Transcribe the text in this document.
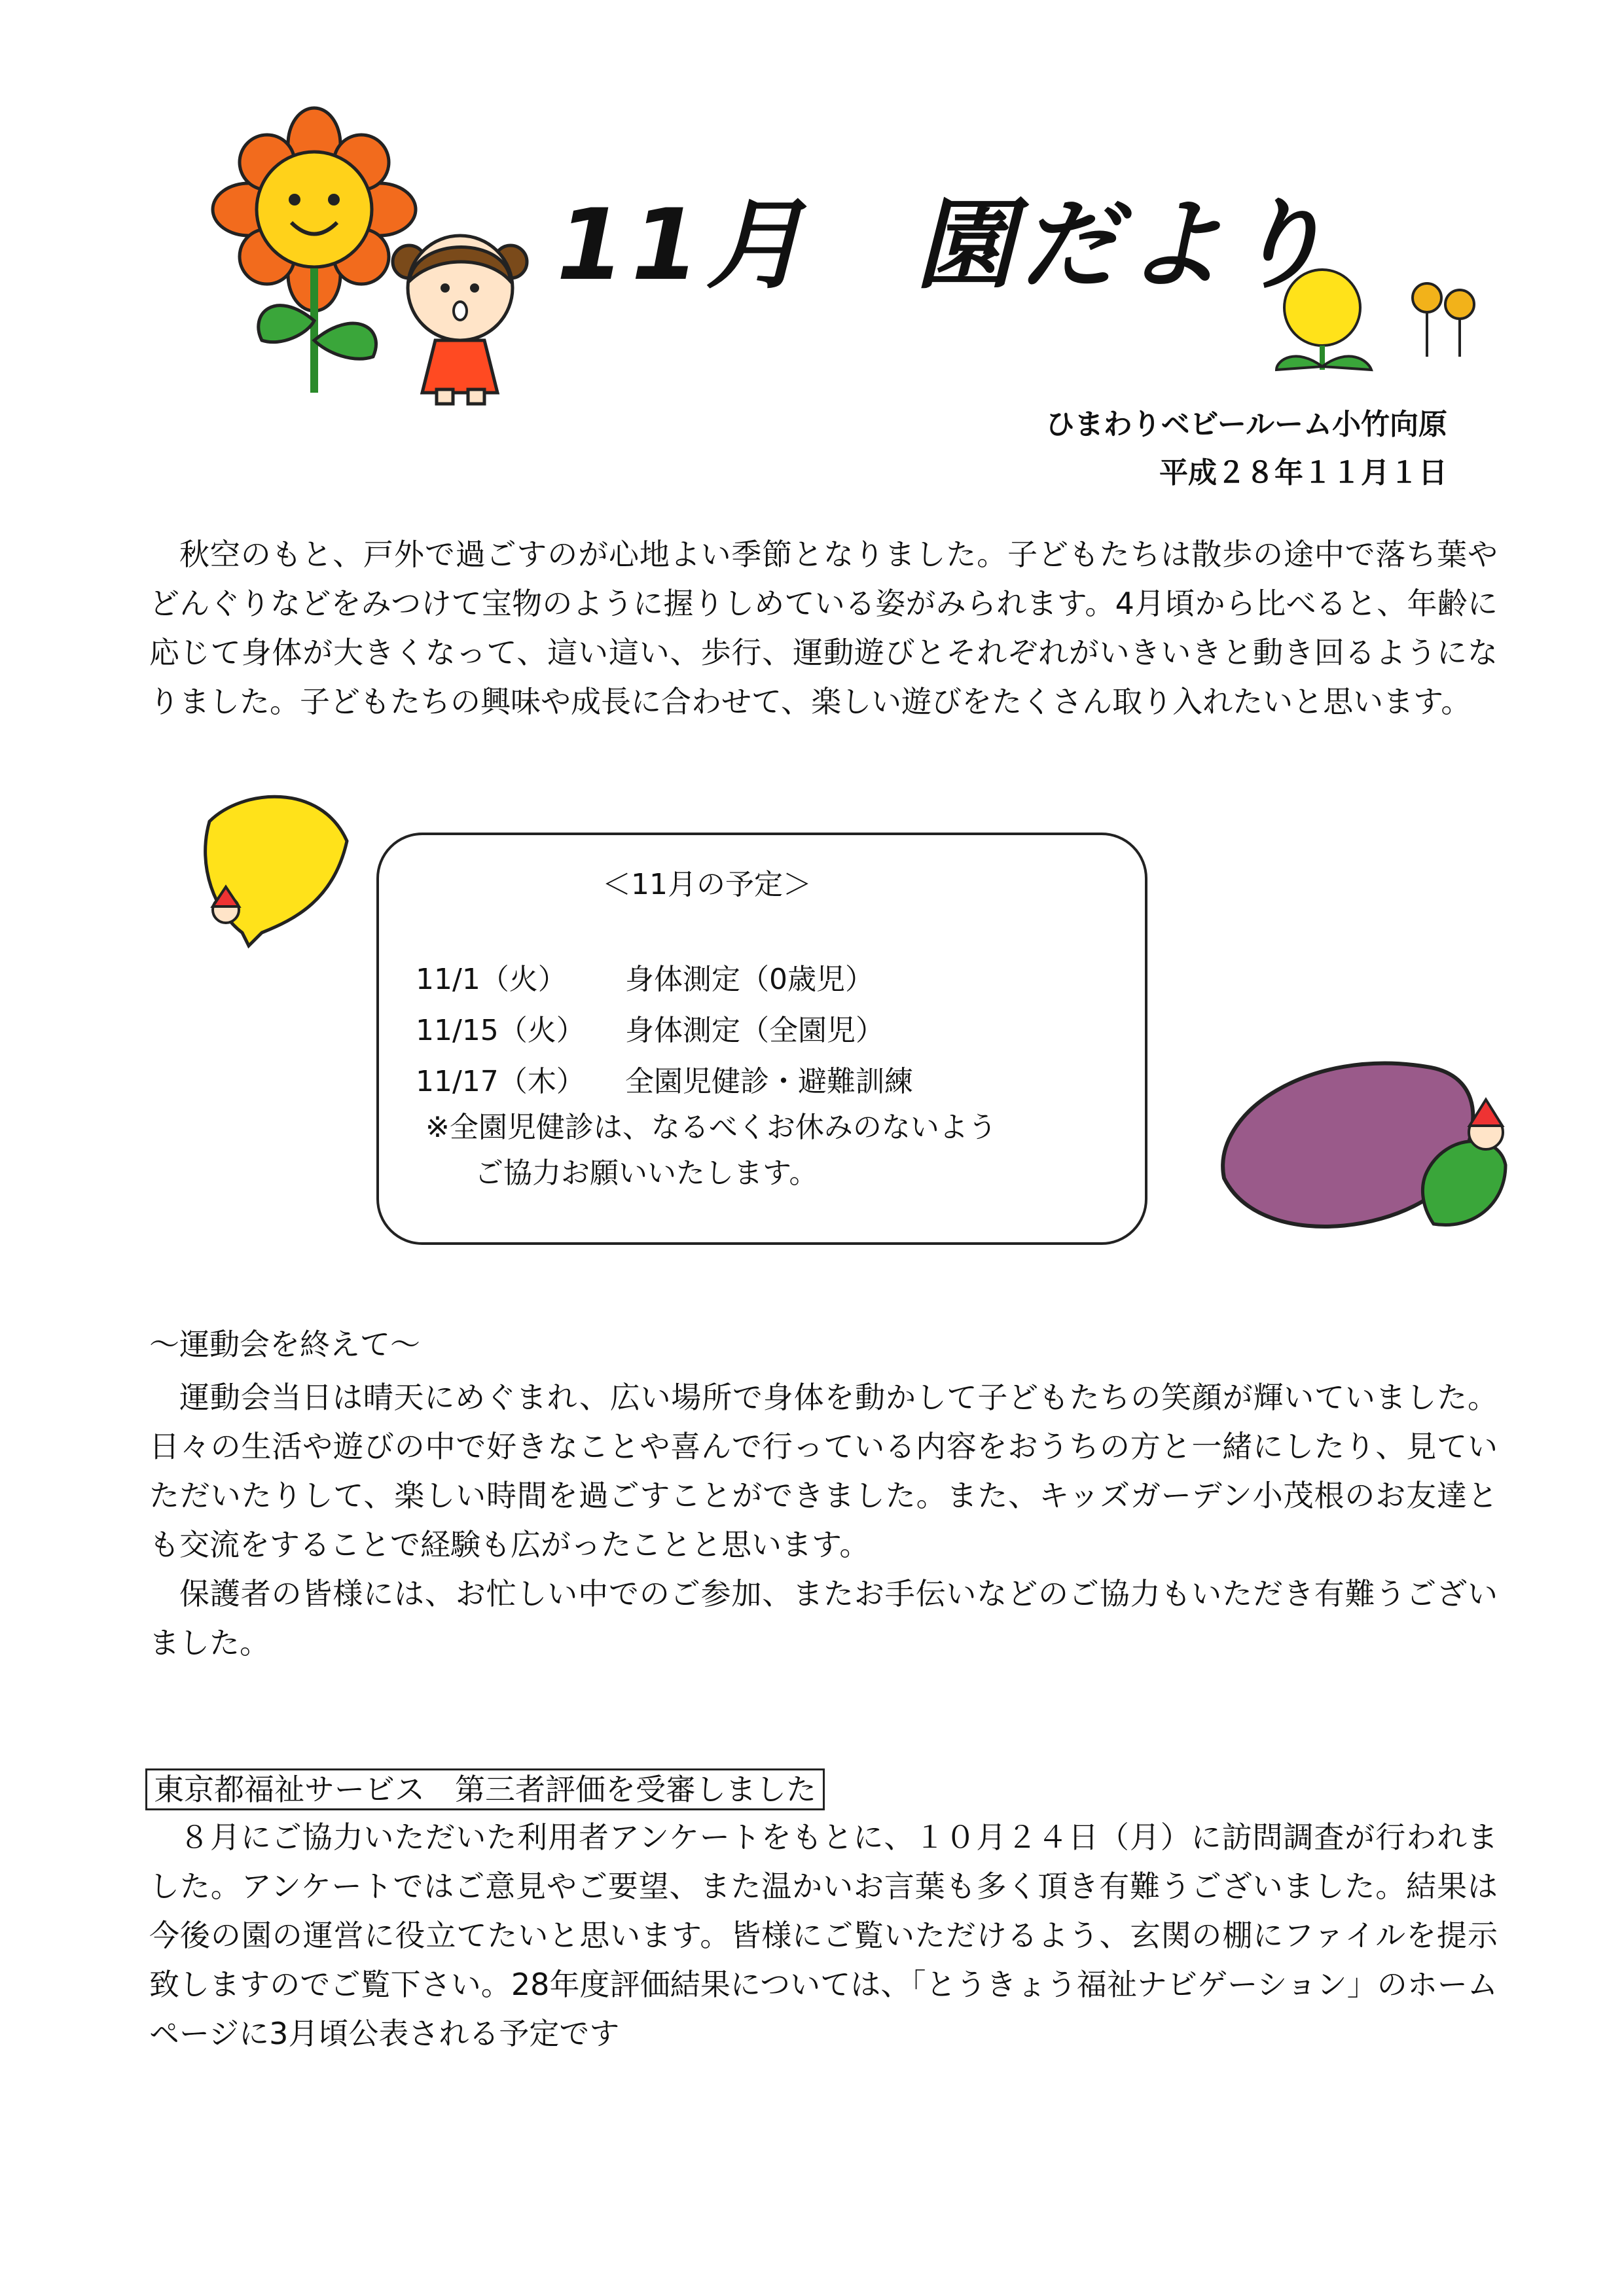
11月　園だより
ひまわりベビールーム小竹向原
平成２８年１１月１日

秋空のもと、戸外で過ごすのが心地よい季節となりました。子どもたちは散歩の途中で落ち葉やどんぐりなどをみつけて宝物のように握りしめている姿がみられます。4月頃から比べると、年齢に応じて身体が大きくなって、這い這い、歩行、運動遊びとそれぞれがいきいきと動き回るようになりました。子どもたちの興味や成長に合わせて、楽しい遊びをたくさん取り入れたいと思います。

＜11月の予定＞
11/1（火） 身体測定（0歳児）
11/15（火） 身体測定（全園児）
11/17（木） 全園児健診・避難訓練
※全園児健診は、なるべくお休みのないよう
ご協力お願いいたします。
～運動会を終えて～

運動会当日は晴天にめぐまれ、広い場所で身体を動かして子どもたちの笑顔が輝いていました。日々の生活や遊びの中で好きなことや喜んで行っている内容をおうちの方と一緒にしたり、見ていただいたりして、楽しい時間を過ごすことができました。また、キッズガーデン小茂根のお友達とも交流をすることで経験も広がったことと思います。

保護者の皆様には、お忙しい中でのご参加、またお手伝いなどのご協力もいただき有難うございました。

東京都福祉サービス　第三者評価を受審しました

８月にご協力いただいた利用者アンケートをもとに、１０月２４日（月）に訪問調査が行われました。アンケートではご意見やご要望、また温かいお言葉も多く頂き有難うございました。結果は今後の園の運営に役立てたいと思います。皆様にご覧いただけるよう、玄関の棚にファイルを提示致しますのでご覧下さい。28年度評価結果については、「とうきょう福祉ナビゲーション」のホームページに3月頃公表される予定です
